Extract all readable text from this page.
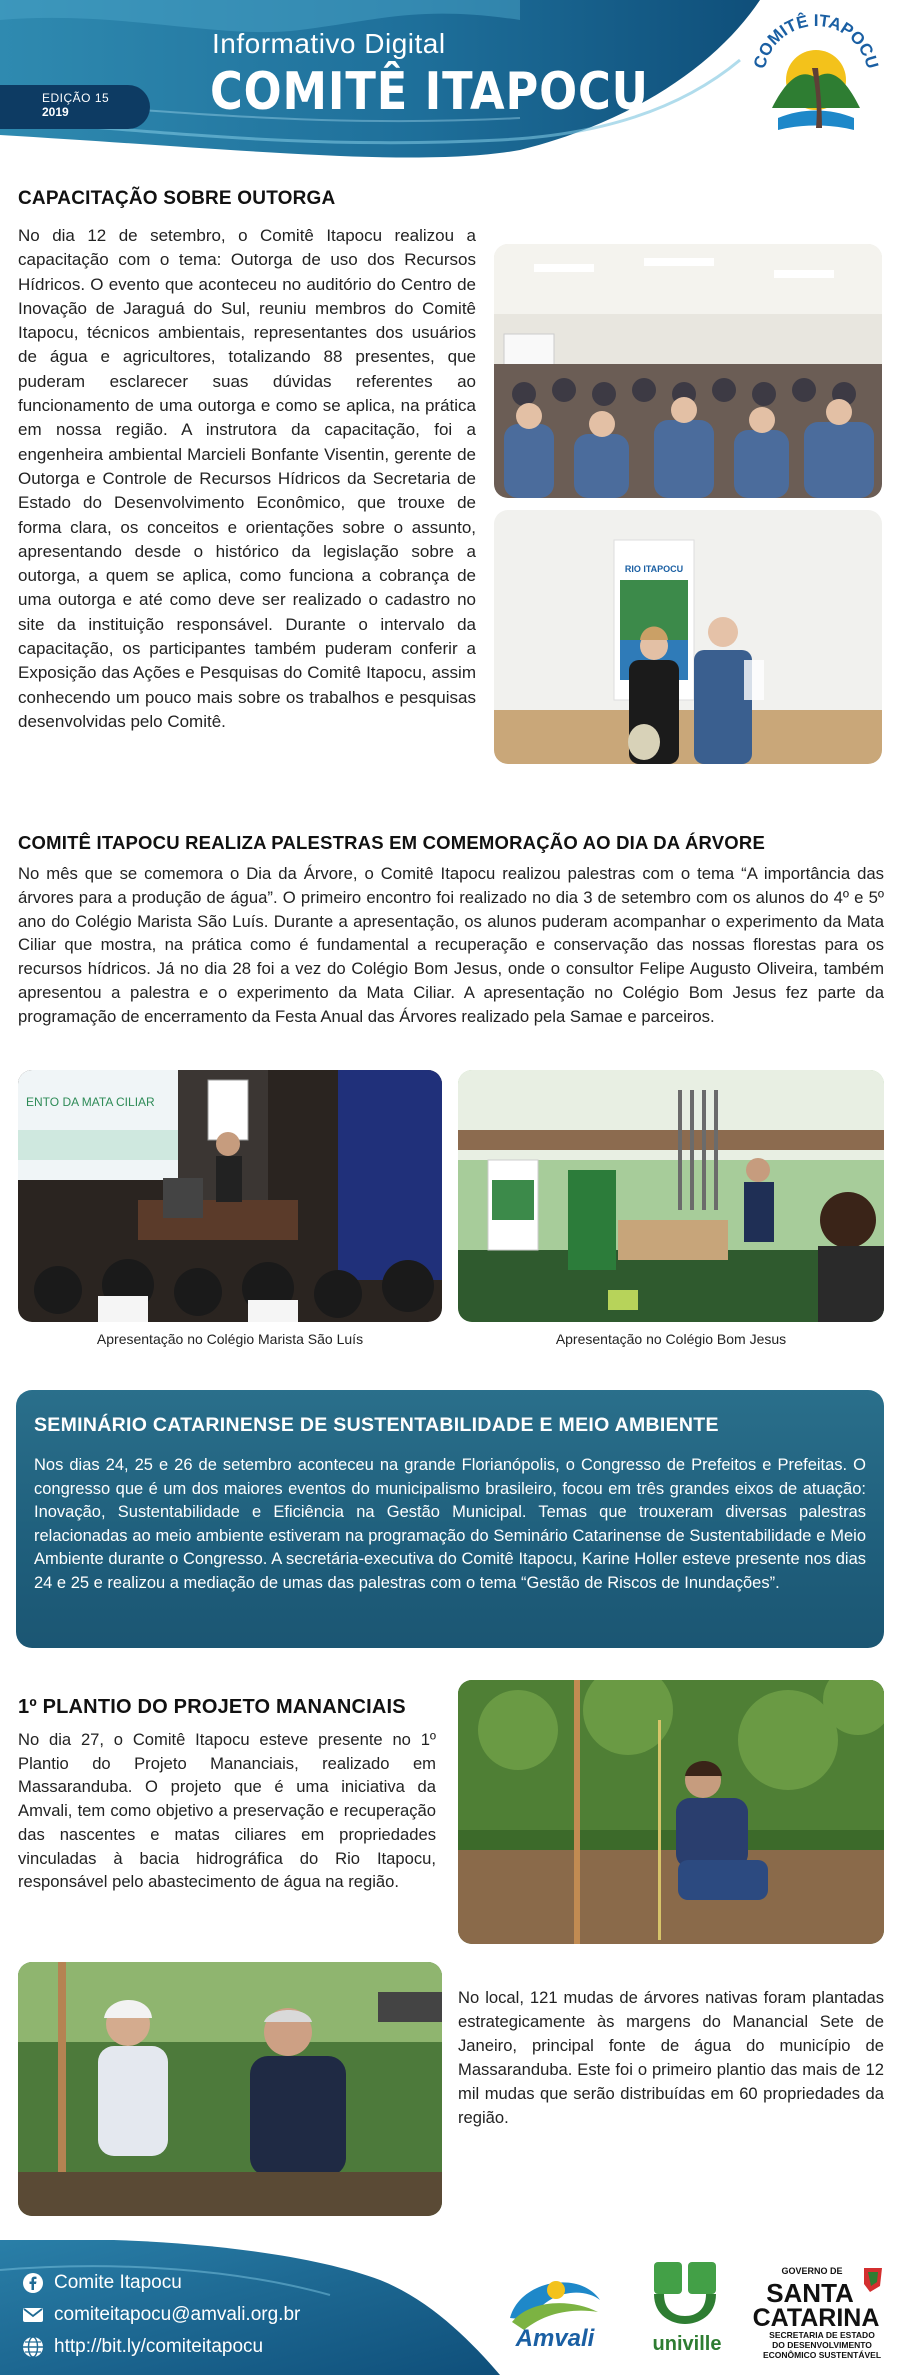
Informativo Digital
COMITÊ ITAPOCU
EDIÇÃO 15
2019
COMITÊ ITAPOCU
CAPACITAÇÃO SOBRE OUTORGA
No dia 12 de setembro, o Comitê Itapocu realizou a capacitação com o tema: Outorga de uso dos Recursos Hídricos. O evento que aconteceu no auditório do Centro de Inovação de Jaraguá do Sul, reuniu membros do Comitê Itapocu, técnicos ambientais, representantes dos usuários de água e agricultores, totalizando 88 presentes, que puderam esclarecer suas dúvidas referentes ao funcionamento de uma outorga e como se aplica, na prática em nossa região. A instrutora da capacitação, foi a engenheira ambiental Marcieli Bonfante Visentin, gerente de Outorga e Controle de Recursos Hídricos da Secretaria de Estado do Desenvolvimento Econômico, que trouxe de forma clara, os conceitos e orientações sobre o assunto, apresentando desde o histórico da legislação sobre a outorga, a quem se aplica, como funciona a cobrança de uma outorga e até como deve ser realizado o cadastro no site da instituição responsável. Durante o intervalo da capacitação, os participantes também puderam conferir a Exposição das Ações e Pesquisas do Comitê Itapocu, assim conhecendo um pouco mais sobre os trabalhos e pesquisas desenvolvidas pelo Comitê.
RIO ITAPOCU
COMITÊ ITAPOCU REALIZA PALESTRAS EM COMEMORAÇÃO AO DIA DA ÁRVORE
No mês que se comemora o Dia da Árvore, o Comitê Itapocu realizou palestras com o tema “A importância das árvores para a produção de água”. O primeiro encontro foi realizado no dia 3 de setembro com os alunos do 4º e 5º ano do Colégio Marista São Luís. Durante a apresentação, os alunos puderam acompanhar o experimento da Mata Ciliar que mostra, na prática como é fundamental a recuperação e conservação das nossas florestas para os recursos hídricos. Já no dia 28 foi a vez do Colégio Bom Jesus, onde o consultor Felipe Augusto Oliveira, também apresentou a palestra e o experimento da Mata Ciliar. A apresentação no Colégio Bom Jesus fez parte da programação de encerramento da Festa Anual das Árvores realizado pela Samae e parceiros.
ENTO DA MATA CILIAR
Apresentação no Colégio Marista São Luís	Apresentação no Colégio Bom Jesus
SEMINÁRIO CATARINENSE DE SUSTENTABILIDADE E MEIO AMBIENTE
Nos dias 24, 25 e 26 de setembro aconteceu na grande Florianópolis, o Congresso de Prefeitos e Prefeitas. O congresso que é um dos maiores eventos do municipalismo brasileiro, focou em três grandes eixos de atuação: Inovação, Sustentabilidade e Eficiência na Gestão Municipal. Temas que trouxeram diversas palestras relacionadas ao meio ambiente estiveram na programação do Seminário Catarinense de Sustentabilidade e Meio Ambiente durante o Congresso. A secretária-executiva do Comitê Itapocu, Karine Holler esteve presente nos dias 24 e 25 e realizou a mediação de umas das palestras com o tema “Gestão de Riscos de Inundações”.
1º PLANTIO DO PROJETO MANANCIAIS
No dia 27, o Comitê Itapocu esteve presente no 1º Plantio do Projeto Mananciais, realizado em Massaranduba. O projeto que é uma iniciativa da Amvali, tem como objetivo a preservação e recuperação das nascentes e matas ciliares em propriedades vinculadas à bacia hidrográfica do Rio Itapocu, responsável pelo abastecimento de água na região.
No local, 121 mudas de árvores nativas foram plantadas estrategicamente às margens do Manancial Sete de Janeiro, principal fonte de água do município de Massaranduba. Este foi o primeiro plantio das mais de 12 mil mudas que serão distribuídas em 60 propriedades da região.
Comite Itapocu
comiteitapocu@amvali.org.br
http://bit.ly/comiteitapocu	Amvali	univille
GOVERNO DE
SANTA
CATARINA
SECRETARIA DE ESTADO
DO DESENVOLVIMENTO
ECONÔMICO SUSTENTÁVEL
